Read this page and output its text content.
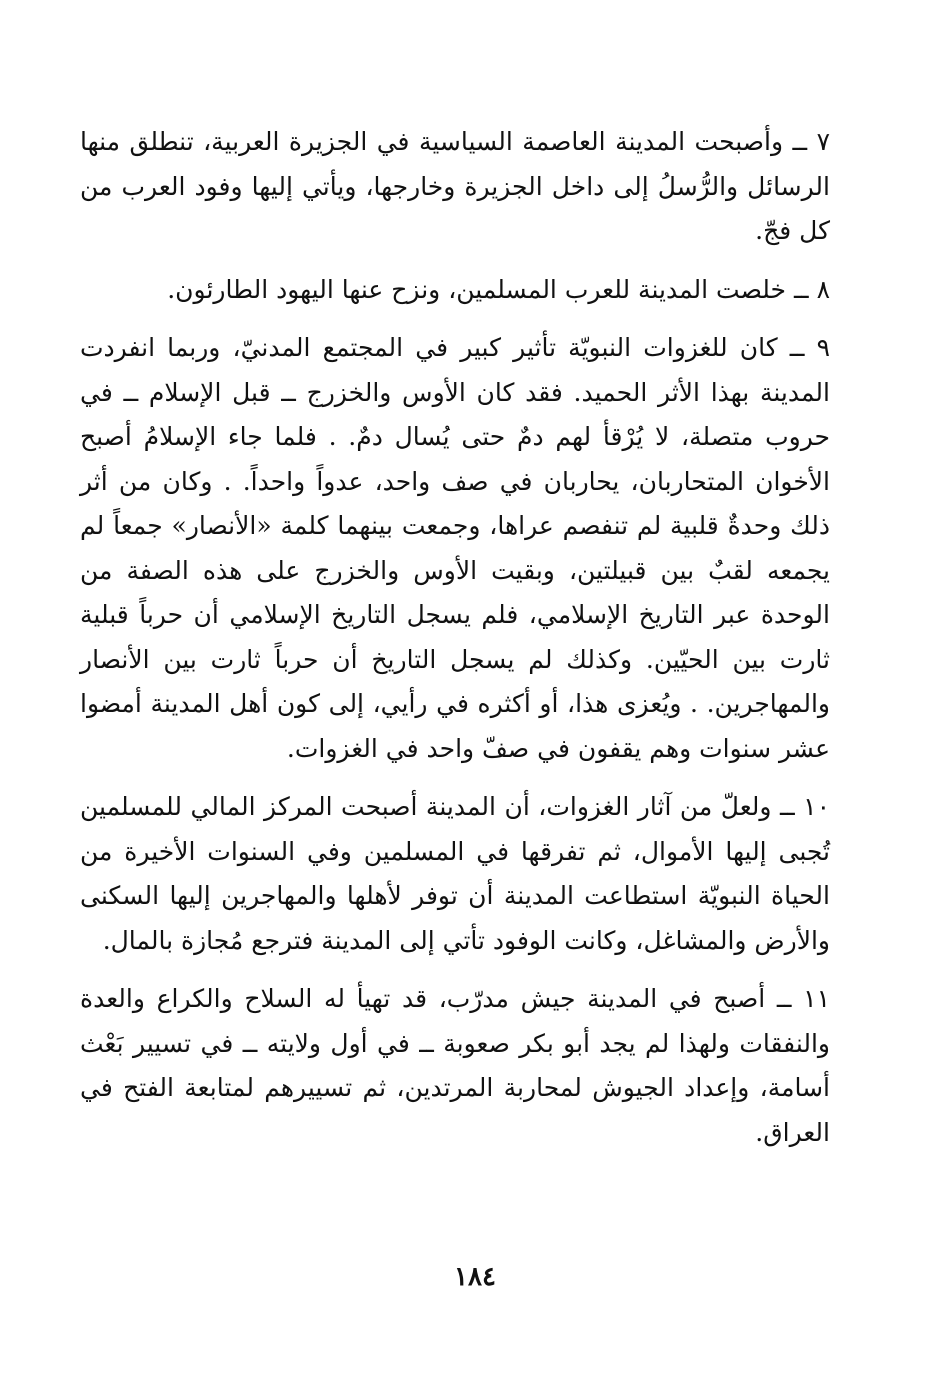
٧ ــ وأصبحت المدينة العاصمة السياسية في الجزيرة العربية، تنطلق منها الرسائل والرُّسلُ إلى داخل الجزيرة وخارجها، ويأتي إليها وفود العرب من كل فجّ.

٨ ــ خلصت المدينة للعرب المسلمين، ونزح عنها اليهود الطارئون.

٩ ــ كان للغزوات النبويّة تأثير كبير في المجتمع المدنيّ، وربما انفردت المدينة بهذا الأثر الحميد. فقد كان الأوس والخزرج ــ قبل الإسلام ــ في حروب متصلة، لا يُرْقأ لهم دمٌ حتى يُسال دمٌ. . فلما جاء الإسلامُ أصبح الأخوان المتحاربان، يحاربان في صف واحد، عدواً واحداً. . وكان من أثر ذلك وحدةٌ قلبية لم تنفصم عراها، وجمعت بينهما كلمة «الأنصار» جمعاً لم يجمعه لقبٌ بين قبيلتين، وبقيت الأوس والخزرج على هذه الصفة من الوحدة عبر التاريخ الإسلامي، فلم يسجل التاريخ الإسلامي أن حرباً قبلية ثارت بين الحيّين. وكذلك لم يسجل التاريخ أن حرباً ثارت بين الأنصار والمهاجرين. . ويُعزى هذا، أو أكثره في رأيي، إلى كون أهل المدينة أمضوا عشر سنوات وهم يقفون في صفّ واحد في الغزوات.

١٠ ــ ولعلّ من آثار الغزوات، أن المدينة أصبحت المركز المالي للمسلمين تُجبى إليها الأموال، ثم تفرقها في المسلمين وفي السنوات الأخيرة من الحياة النبويّة استطاعت المدينة أن توفر لأهلها والمهاجرين إليها السكنى والأرض والمشاغل، وكانت الوفود تأتي إلى المدينة فترجع مُجازة بالمال.

١١ ــ أصبح في المدينة جيش مدرّب، قد تهيأ له السلاح والكراع والعدة والنفقات ولهذا لم يجد أبو بكر صعوبة ــ في أول ولايته ــ في تسيير بَعْث أسامة، وإعداد الجيوش لمحاربة المرتدين، ثم تسييرهم لمتابعة الفتح في العراق.

١٨٤
